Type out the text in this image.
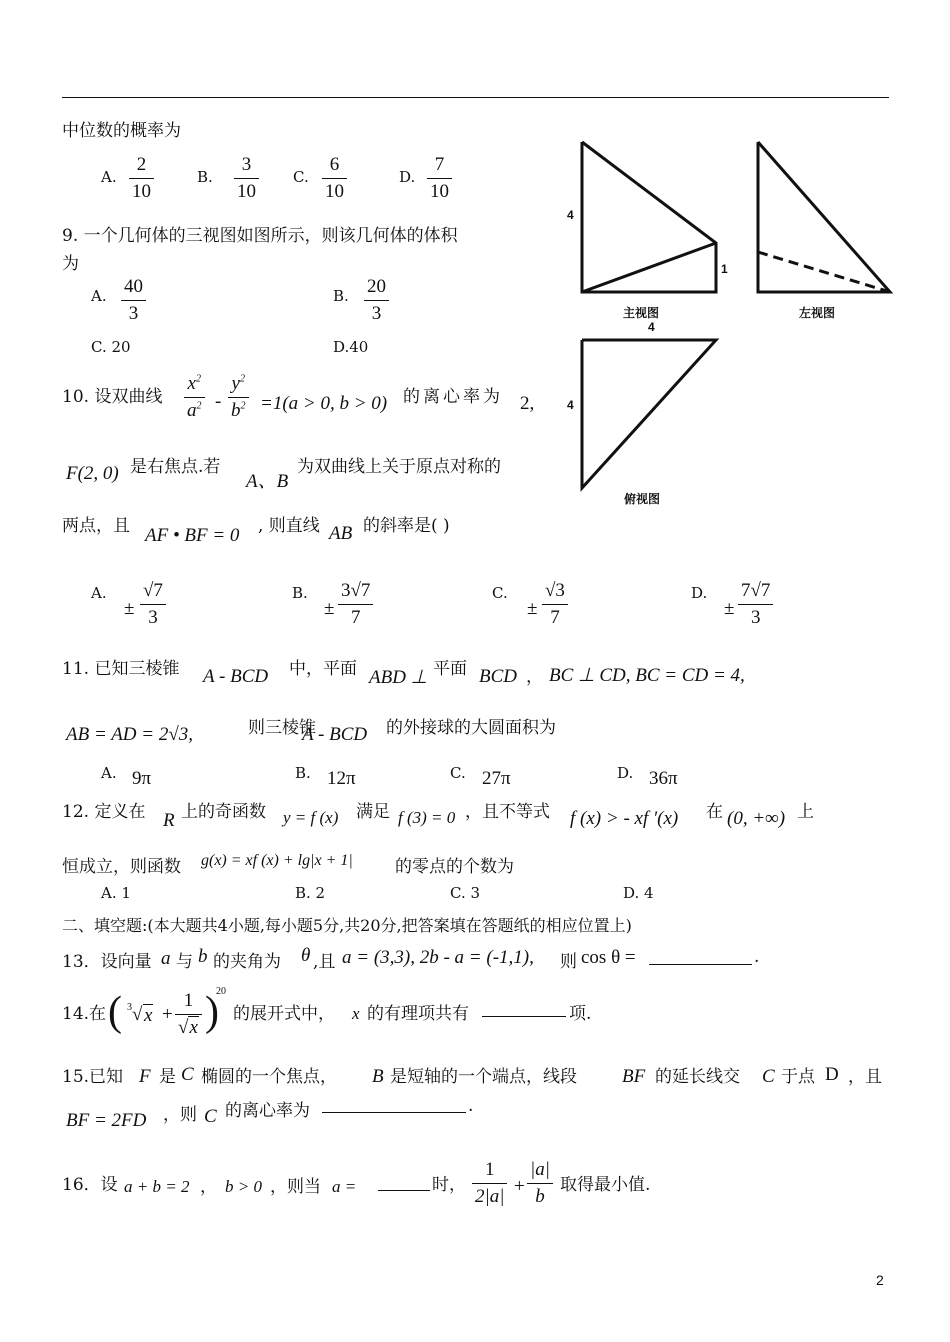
中位数的概率为
A.
2
10
B.
3
10
C.
6
10
D.
7
10
9. 一个几何体的三视图如图所示，则该几何体的体积
为
A. 40
3
B. 20
3
C. 20	D.40
4
1
主视图	左视图
4
4
俯视图
10. 设双曲线
$x^2$
$a^2$ -
$y^2$
$b^2 =1(a > 0$, b > 0) 的离心率为 2,
F(2, 0) 是右焦点.若
A、B
为双曲线上关于原点对称的
两点，且 AF • BF = 0 , 则直线 AB 的斜率是( )
A.
±
√7
3
B.
±
3√7
7
C.
±
√3
7
D.
±
7√7
3
11. 已知三棱锥 A - BCD 中，平面 ABD ⊥ 平面 BCD ， BC ⊥ CD, BC = CD = 4,
AB = AD = 2√3,	则三棱锥
A - BCD 的外接球的大圆面积为
A. 9π	B. 12π	C. 27π	D. 36π
12. 定义在 R 上的奇函数 y = f (x) 满足 f (3) = 0 ，且不等式 f (x) > - xf ′(x) 在 (0, +∞) 上
恒成立，则函数 g(x) = xf (x) + lg|x + 1| 的零点的个数为
A. 1	B. 2	C. 3	D. 4
二、填空题:(本大题共4小题,每小题5分,共20分,把答案填在答题纸的相应位置上)
13．设向量 a 与 b 的夹角为 θ ,且 a = (3,3), 2b - a = (-1,1), 则 cos θ =	.
14.在 ( 3 √ x +
1
√x )
20
的展开式中， x 的有理项共有	项.
15.已知 F 是 C 椭圆的一个焦点， B 是短轴的一个端点，线段 BF 的延长线交 C 于点 D ，且
BF = 2FD ，则 C 的离心率为	.
16．设 a + b = 2 ， b > 0 ，则当 a =	时，
1
2|a| +
|a|
b
取得最小值.
2
